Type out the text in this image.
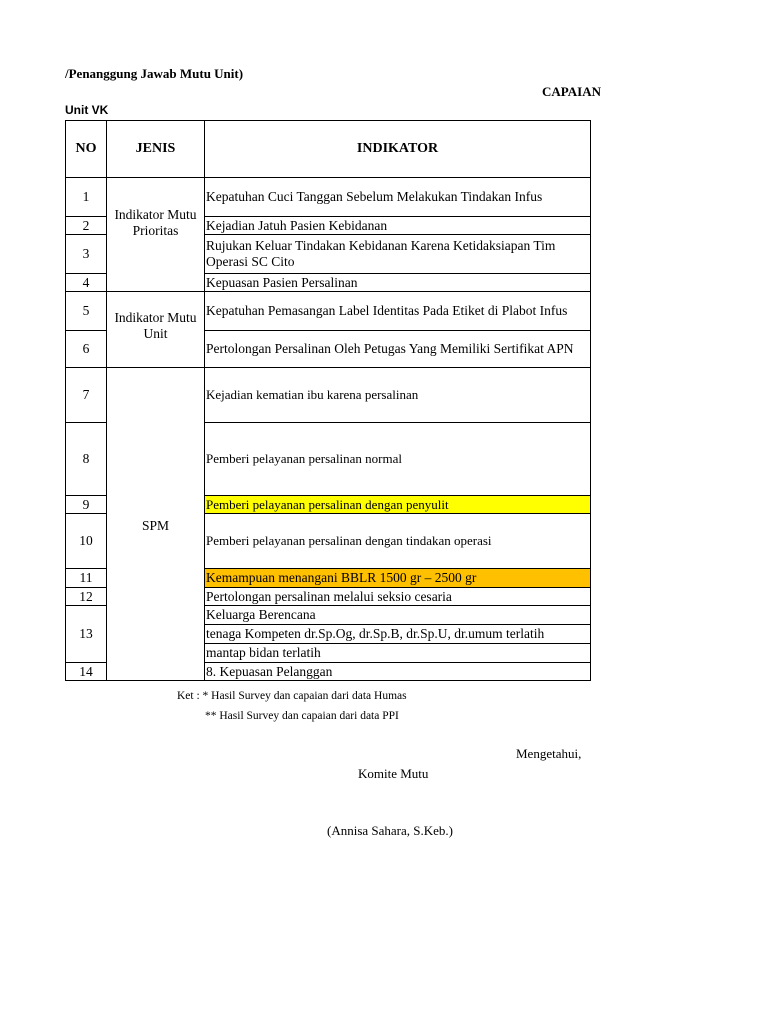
/Penanggung Jawab Mutu Unit)
CAPAIAN
Unit VK
NO	JENIS	INDIKATOR
1	Indikator Mutu Prioritas	Kepatuhan Cuci Tanggan Sebelum Melakukan Tindakan Infus
2		Kejadian Jatuh Pasien Kebidanan
3		Rujukan Keluar Tindakan Kebidanan Karena Ketidaksiapan Tim Operasi SC Cito
4		Kepuasan Pasien Persalinan
5	Indikator Mutu Unit	Kepatuhan Pemasangan Label Identitas Pada Etiket di Plabot Infus
6		Pertolongan Persalinan Oleh Petugas Yang Memiliki Sertifikat APN
7	SPM	Kejadian kematian ibu karena persalinan
8		Pemberi pelayanan persalinan normal
9		Pemberi pelayanan persalinan dengan penyulit
10		Pemberi pelayanan persalinan dengan tindakan operasi
11		Kemampuan menangani BBLR 1500 gr – 2500 gr
12		Pertolongan persalinan melalui seksio cesaria
13		Keluarga Berencana
		tenaga Kompeten dr.Sp.Og, dr.Sp.B, dr.Sp.U, dr.umum terlatih
		mantap bidan terlatih
14		8. Kepuasan Pelanggan
Ket : * Hasil Survey dan capaian dari data Humas
** Hasil Survey dan capaian dari data PPI
Mengetahui,
Komite Mutu
(Annisa Sahara, S.Keb.)
